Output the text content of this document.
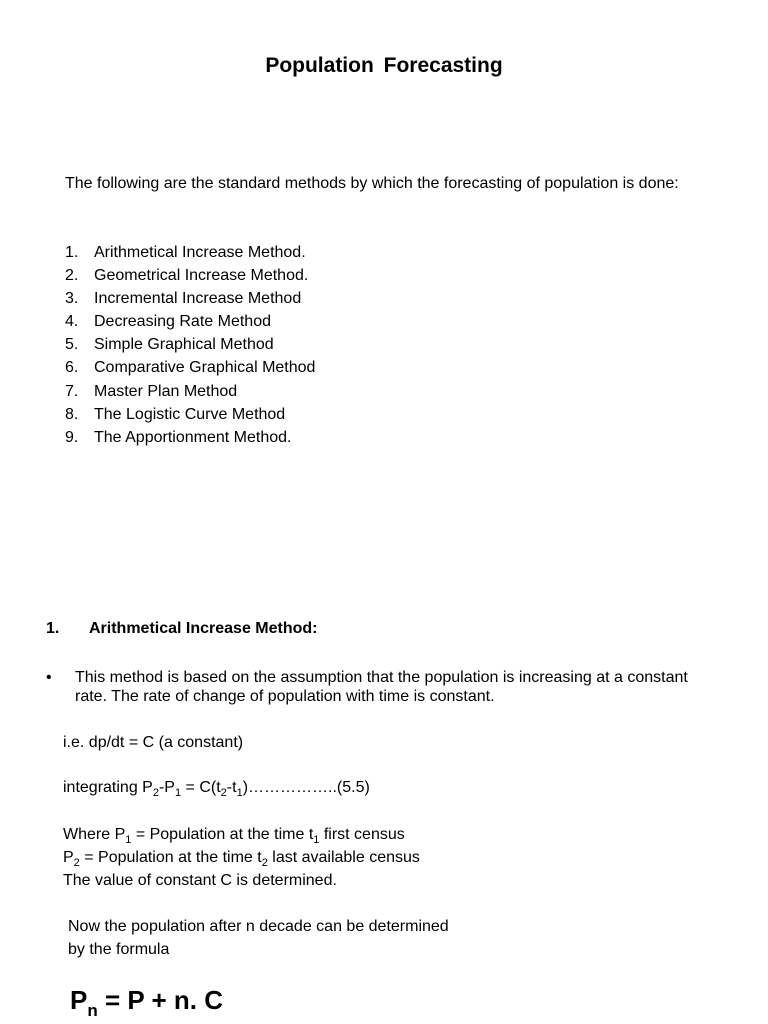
Population Forecasting
The following are the standard methods by which the forecasting of population is done:
1. Arithmetical Increase Method.
2. Geometrical Increase Method.
3. Incremental Increase Method
4. Decreasing Rate Method
5. Simple Graphical Method
6. Comparative Graphical Method
7. Master Plan Method
8. The Logistic Curve Method
9. The Apportionment Method.
1. Arithmetical Increase Method:
• This method is based on the assumption that the population is increasing at a constant rate. The rate of change of population with time is constant.
i.e. dp/dt = C (a constant)
integrating $P_2-P_1$ = $C(t_2-t_1)\dots\dots\dots\dots\dots..(5.5)$
Where $P_1$ = Population at the time $t_1$ first census
$P_2$ = Population at the time $t_2$ last available census
The value of constant C is determined.
Now the population after n decade can be determined
by the formula
$P_n = P + n$. C
